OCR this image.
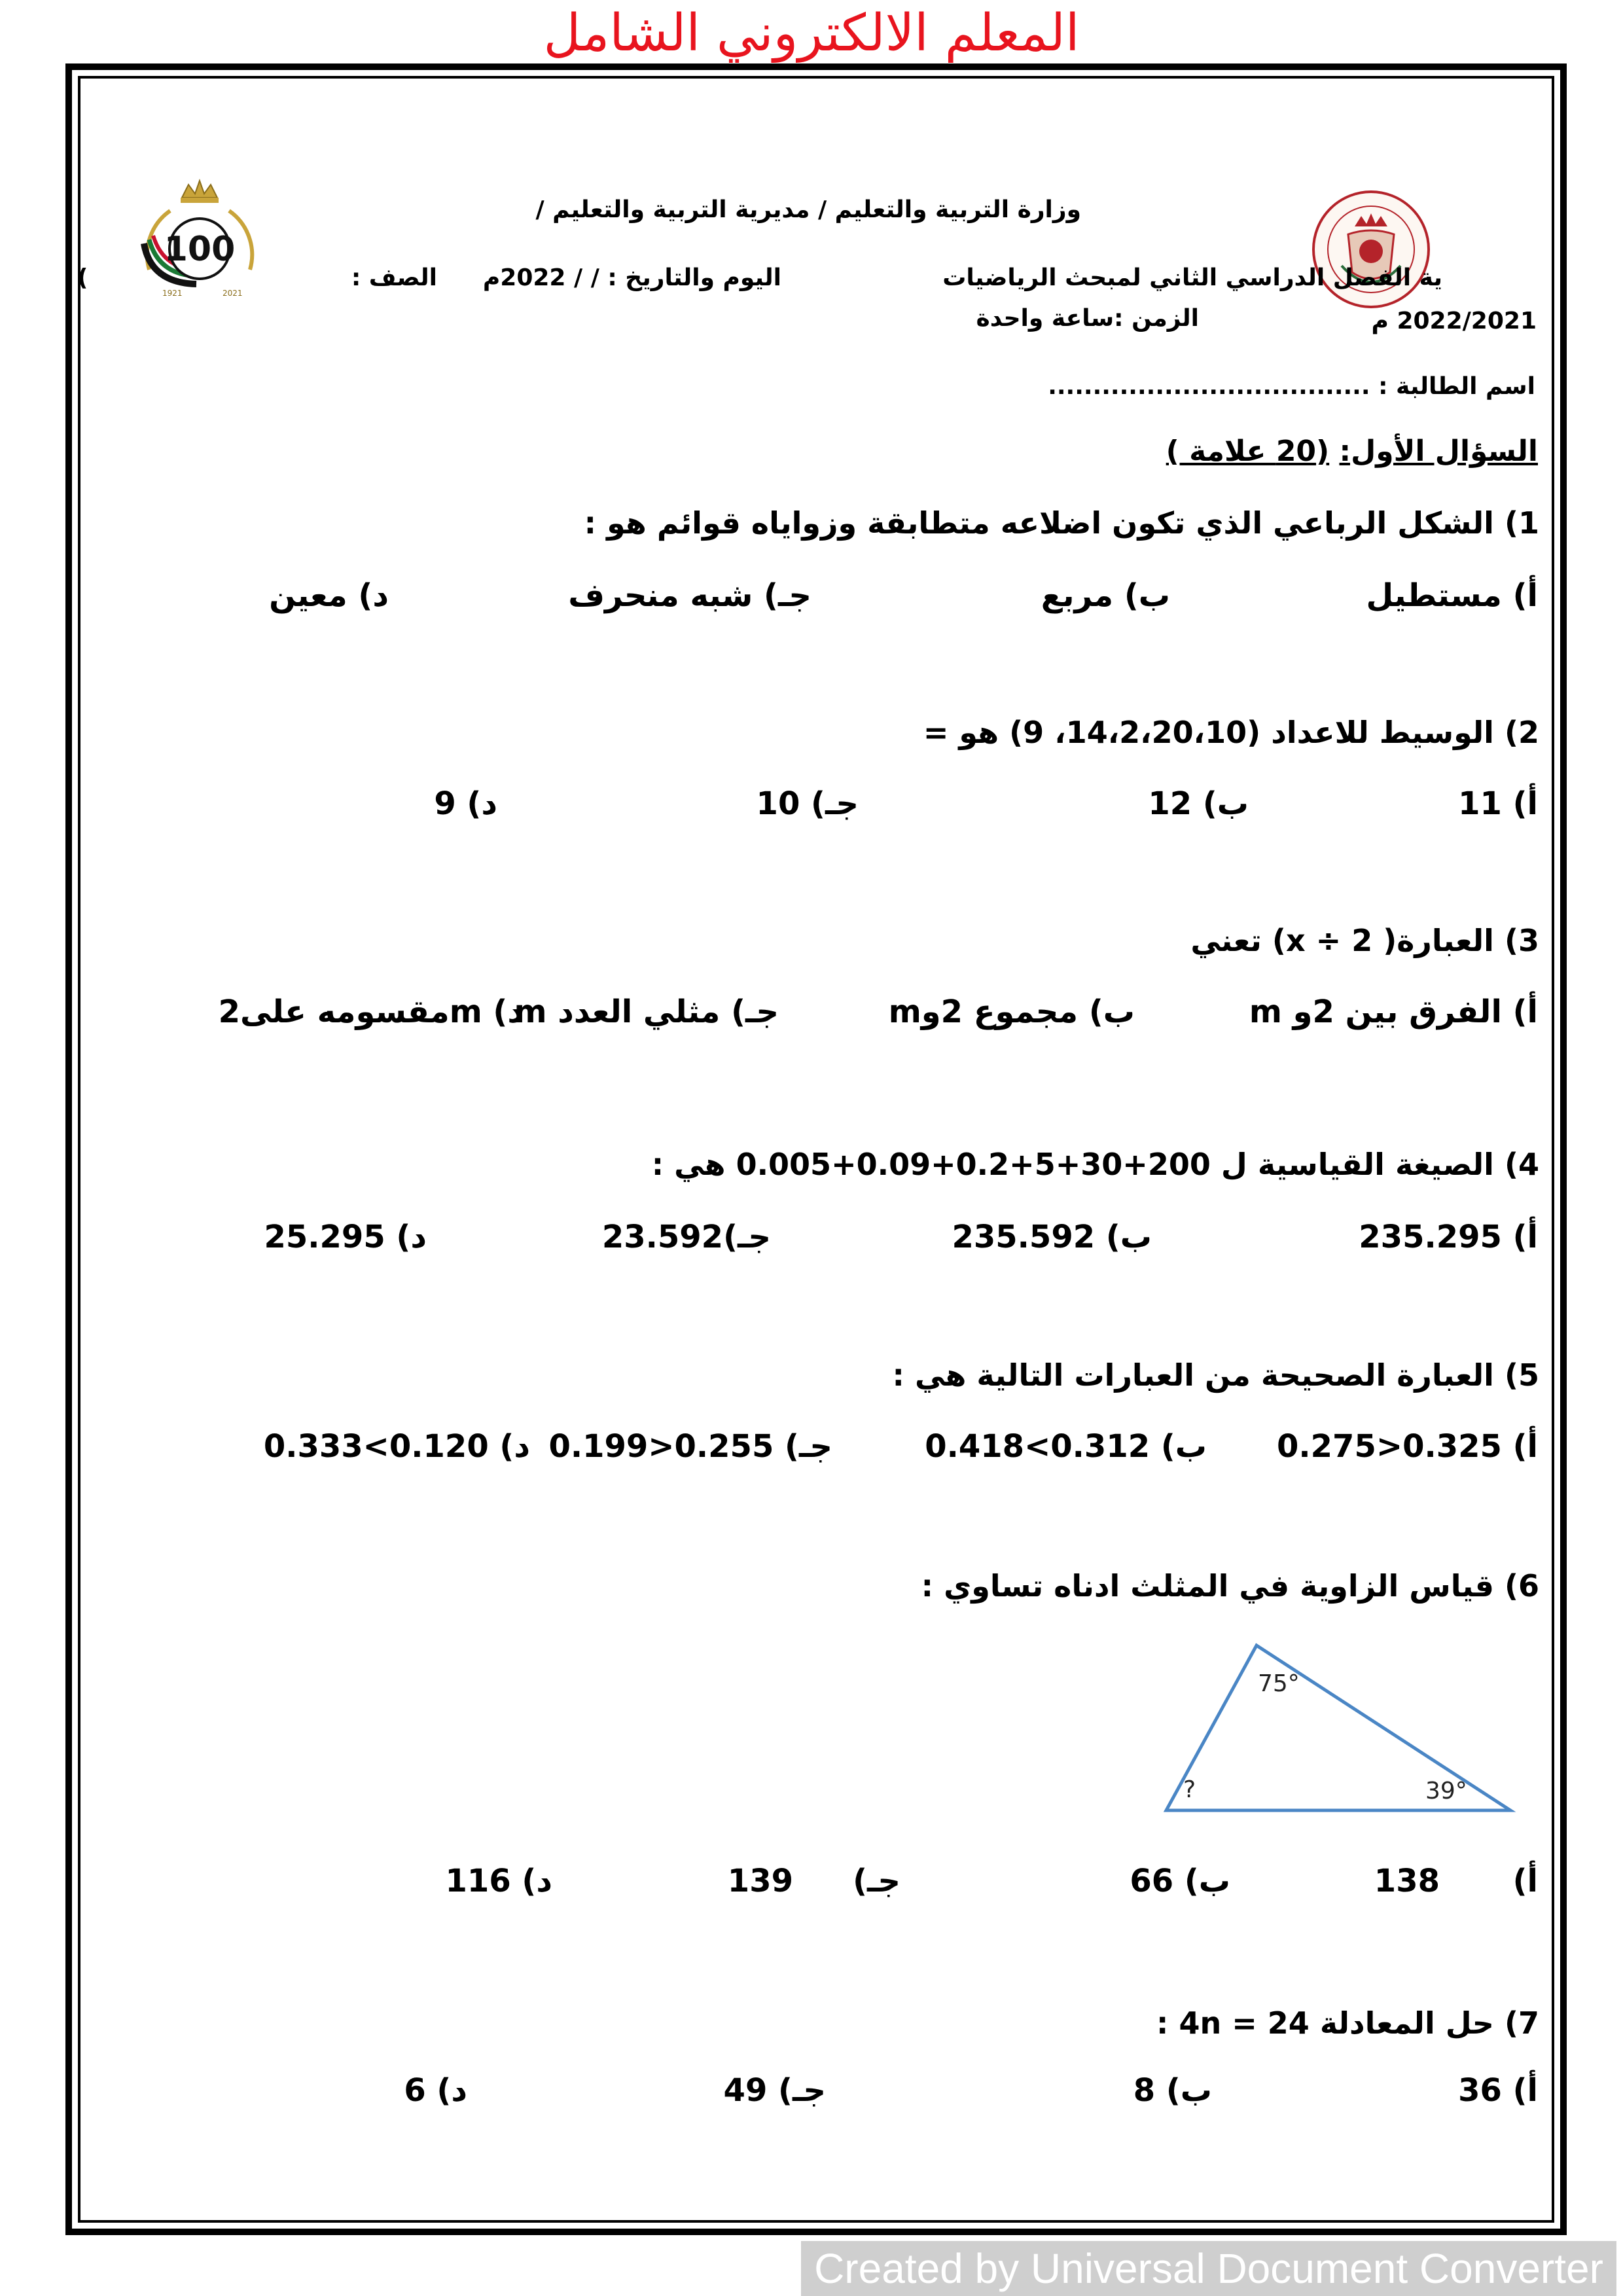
المعلم الالكتروني الشامل
100
1921	2021
وزارة التربية والتعليم / مديرية التربية والتعليم /
ية الفصل الدراسي الثاني لمبحث الرياضيات
اليوم والتاريخ : / / 2022م
الصف :
(
2022/2021 م
الزمن :ساعة واحدة
اسم الطالبة : ....................................
السؤال الأول: (20 علامة )
1) الشكل الرباعي الذي تكون اضلاعه متطابقة وزواياه قوائم هو :
أ) مستطيل
ب) مربع
جـ) شبه منحرف
د) معين
2) الوسيط للاعداد (14،2،20،10، 9) هو =
أ) 11
ب) 12
جـ) 10
د) 9
3) العبارة( x ÷ 2) تعني
أ) الفرق بين 2و m
ب) مجموع 2وm
جـ) مثلي العدد m
د) mمقسومه على2
4) الصيغة القياسية ل 200+30+5+0.2+0.09+0.005 هي :
أ) 235.295
ب) 235.592
جـ)23.592
د) 25.295
5) العبارة الصحيحة من العبارات التالية هي :
أ) 0.325<0.275
ب) 0.312>0.418
جـ) 0.255<0.199
د) 0.120>0.333
6) قياس الزاوية في المثلث ادناه تساوي :
75°
39°
?
أ)
138
ب) 66
جـ)
139
د) 116
7) حل المعادلة 4n = 24 :
أ) 36
ب) 8
جـ) 49
د) 6
Created by Universal Document Converter
